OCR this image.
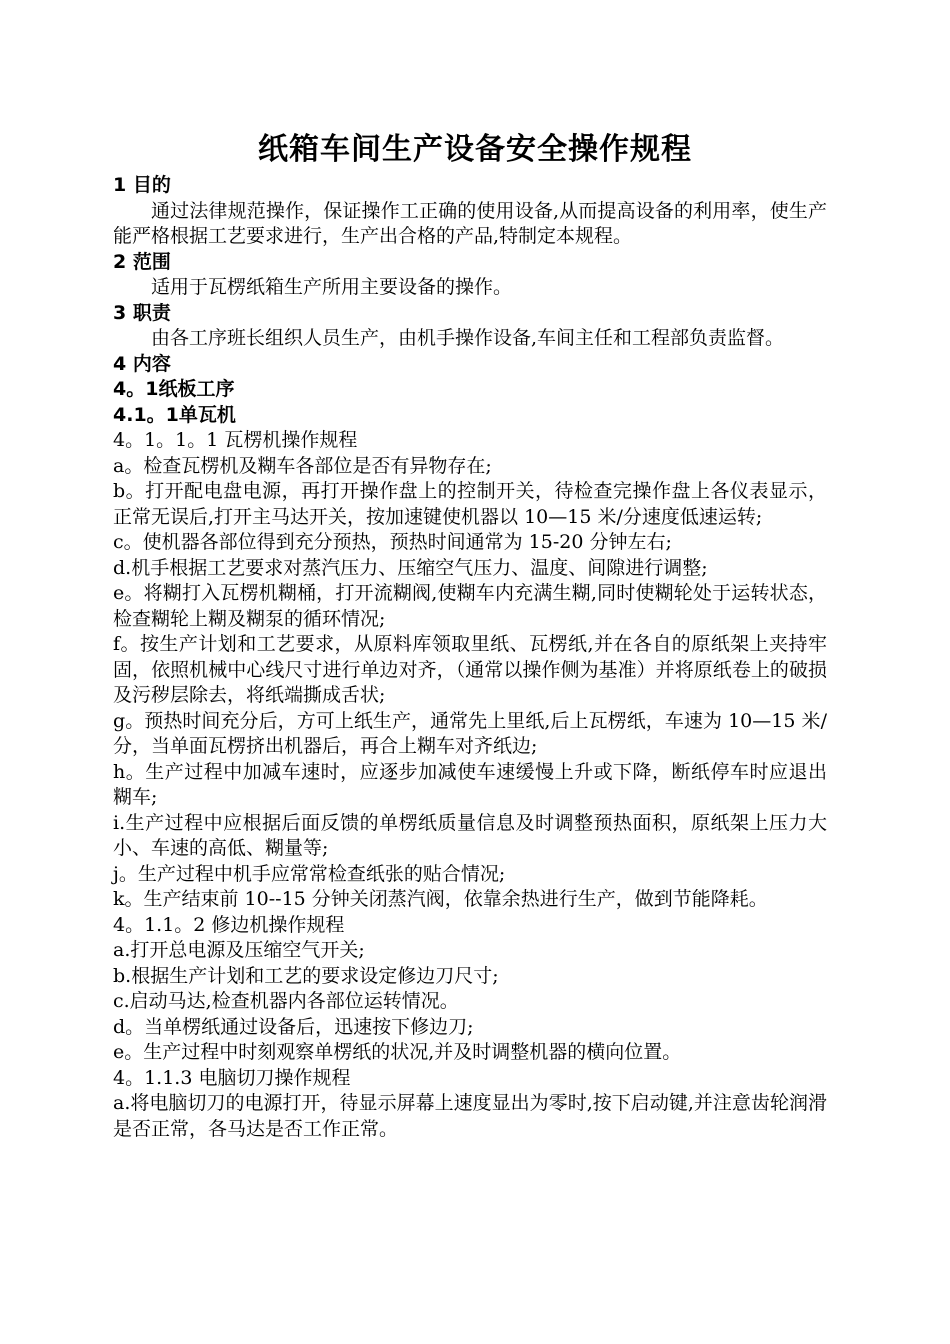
纸箱车间生产设备安全操作规程

1 目的

通过法律规范操作，保证操作工正确的使用设备,从而提高设备的利用率，使生产能严格根据工艺要求进行，生产出合格的产品,特制定本规程。

2 范围

适用于瓦楞纸箱生产所用主要设备的操作。

3 职责

由各工序班长组织人员生产，由机手操作设备,车间主任和工程部负责监督。

4 内容

4。1纸板工序

4.1。1单瓦机

4。1。1。1 瓦楞机操作规程

a。检查瓦楞机及糊车各部位是否有异物存在;

b。打开配电盘电源，再打开操作盘上的控制开关，待检查完操作盘上各仪表显示，正常无误后,打开主马达开关，按加速键使机器以 10—15 米/分速度低速运转;

c。使机器各部位得到充分预热，预热时间通常为 15-20 分钟左右;

d.机手根据工艺要求对蒸汽压力、压缩空气压力、温度、间隙进行调整;

e。将糊打入瓦楞机糊桶，打开流糊阀,使糊车内充满生糊,同时使糊轮处于运转状态，检查糊轮上糊及糊泵的循环情况;

f。按生产计划和工艺要求，从原料库领取里纸、瓦楞纸,并在各自的原纸架上夹持牢固，依照机械中心线尺寸进行单边对齐，（通常以操作侧为基准）并将原纸卷上的破损及污秽层除去，将纸端撕成舌状;

g。预热时间充分后，方可上纸生产，通常先上里纸,后上瓦楞纸，车速为 10—15 米/分，当单面瓦楞挤出机器后，再合上糊车对齐纸边;

h。生产过程中加减车速时，应逐步加减使车速缓慢上升或下降，断纸停车时应退出糊车;

i.生产过程中应根据后面反馈的单楞纸质量信息及时调整预热面积，原纸架上压力大小、车速的高低、糊量等;

j。生产过程中机手应常常检查纸张的贴合情况;

k。生产结束前 10--15 分钟关闭蒸汽阀，依靠余热进行生产，做到节能降耗。

4。1.1。2 修边机操作规程

a.打开总电源及压缩空气开关;

b.根据生产计划和工艺的要求设定修边刀尺寸;

c.启动马达,检查机器内各部位运转情况。

d。当单楞纸通过设备后，迅速按下修边刀;

e。生产过程中时刻观察单楞纸的状况,并及时调整机器的横向位置。

4。1.1.3 电脑切刀操作规程

a.将电脑切刀的电源打开，待显示屏幕上速度显出为零时,按下启动键,并注意齿轮润滑是否正常，各马达是否工作正常。
